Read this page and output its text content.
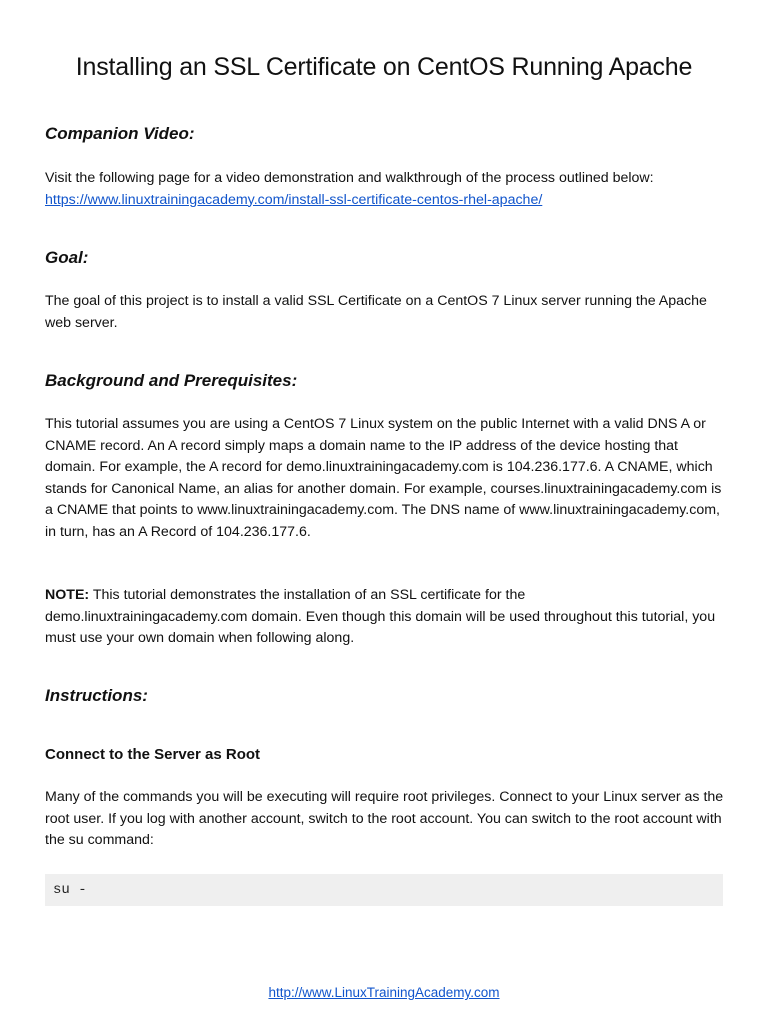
Installing an SSL Certificate on CentOS Running Apache
Companion Video:

Visit the following page for a video demonstration and walkthrough of the process outlined below:
https://www.linuxtrainingacademy.com/install-ssl-certificate-centos-rhel-apache/

Goal:

The goal of this project is to install a valid SSL Certificate on a CentOS 7 Linux server running the Apache web server.

Background and Prerequisites:

This tutorial assumes you are using a CentOS 7 Linux system on the public Internet with a valid DNS A or CNAME record. An A record simply maps a domain name to the IP address of the device hosting that domain. For example, the A record for demo.linuxtrainingacademy.com is 104.236.177.6. A CNAME, which stands for Canonical Name, an alias for another domain. For example, courses.linuxtrainingacademy.com is a CNAME that points to www.linuxtrainingacademy.com. The DNS name of www.linuxtrainingacademy.com, in turn, has an A Record of 104.236.177.6.

NOTE: This tutorial demonstrates the installation of an SSL certificate for the demo.linuxtrainingacademy.com domain. Even though this domain will be used throughout this tutorial, you must use your own domain when following along.

Instructions:
Connect to the Server as Root

Many of the commands you will be executing will require root privileges. Connect to your Linux server as the root user. If you log with another account, switch to the root account. You can switch to the root account with the su command:

su -
http://www.LinuxTrainingAcademy.com
